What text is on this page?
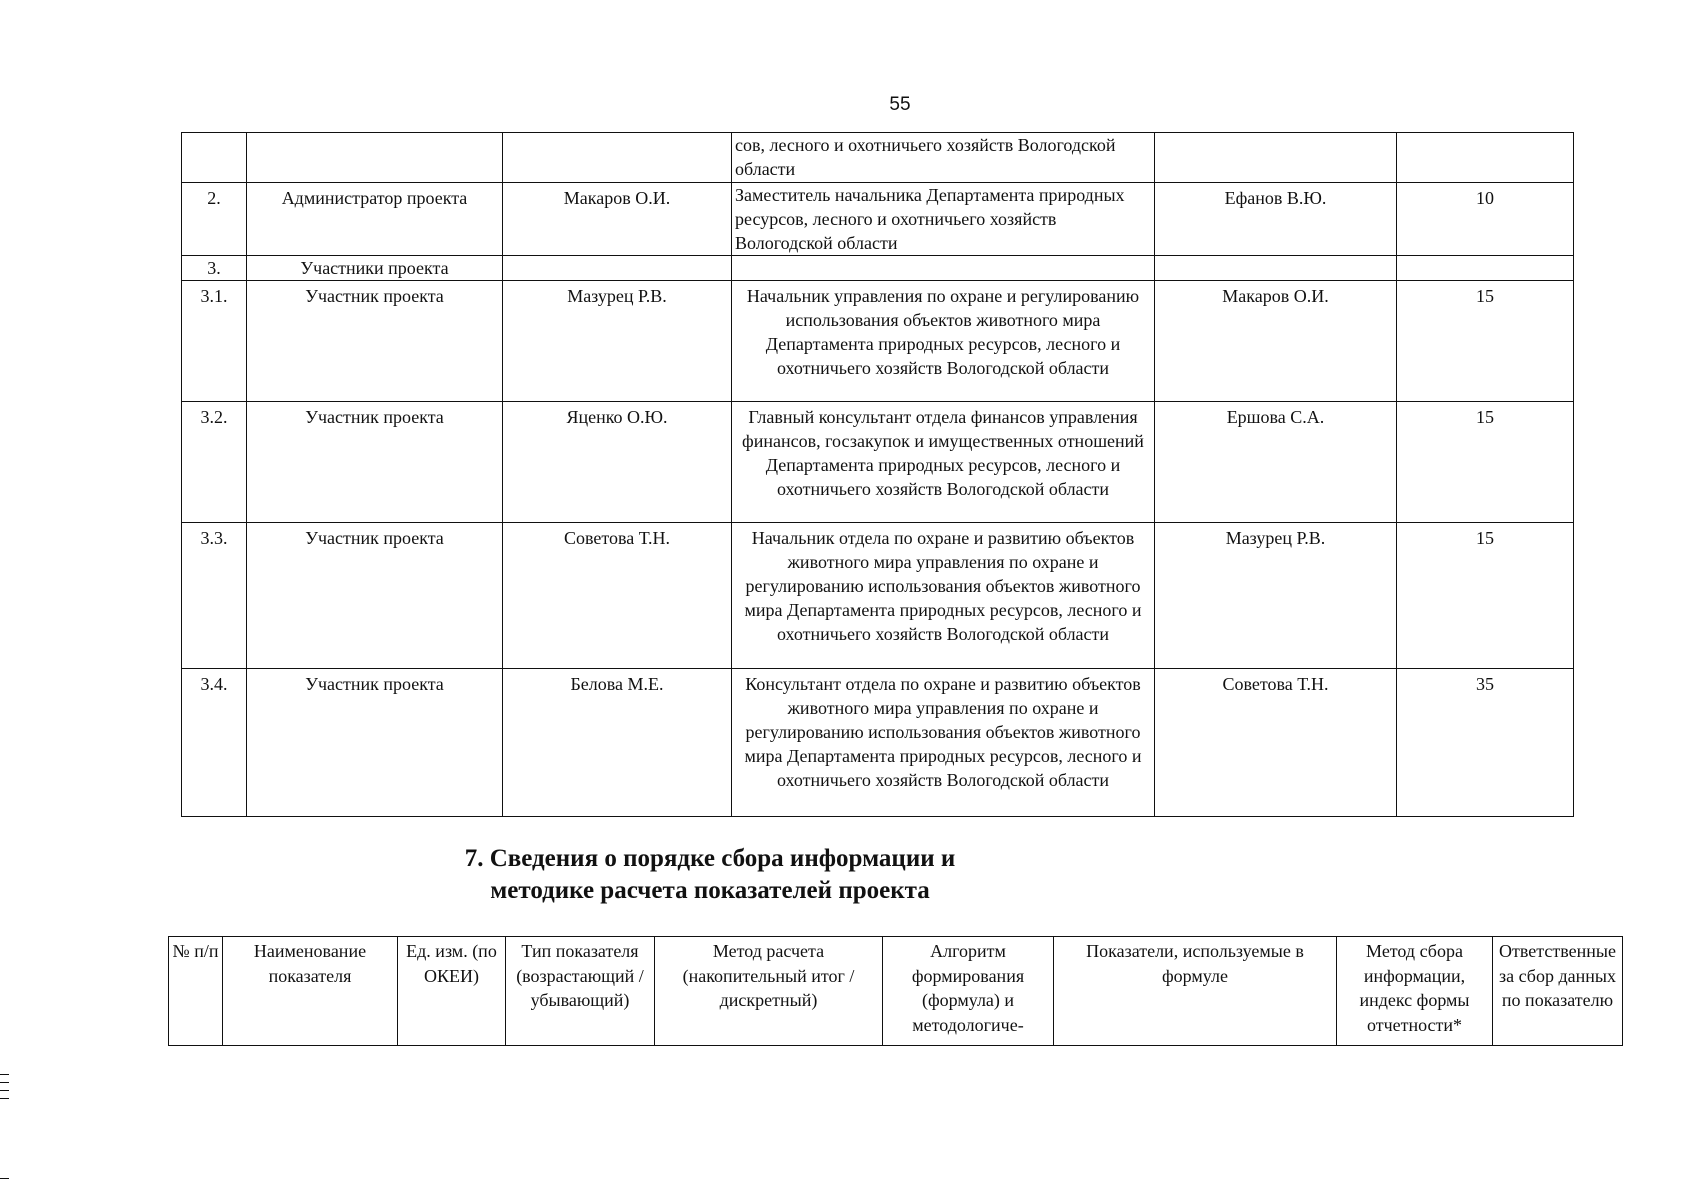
55
			сов, лесного и охотничьего хозяйств Вологодской области		
2.	Администратор проекта	Макаров О.И.	Заместитель начальника Департамента природных ресурсов, лесного и охотничьего хозяйств Вологодской области	Ефанов В.Ю.	10
3.	Участники проекта				
3.1.	Участник проекта	Мазурец Р.В.	Начальник управления по охране и регулированию использования объектов животного мира Департамента природных ресурсов, лесного и охотничьего хозяйств Вологодской области	Макаров О.И.	15
3.2.	Участник проекта	Яценко О.Ю.	Главный консультант отдела финансов управления финансов, госзакупок и имущественных отношений Департамента природных ресурсов, лесного и охотничьего хозяйств Вологодской области	Ершова С.А.	15
3.3.	Участник проекта	Советова Т.Н.	Начальник отдела по охране и развитию объектов животного мира управления по охране и регулированию использования объектов животного мира Департамента природных ресурсов, лесного и охотничьего хозяйств Вологодской области	Мазурец Р.В.	15
3.4.	Участник проекта	Белова М.Е.	Консультант отдела по охране и развитию объектов животного мира управления по охране и регулированию использования объектов животного мира Департамента природных ресурсов, лесного и охотничьего хозяйств Вологодской области	Советова Т.Н.	35
7. Сведения о порядке сбора информации и методике расчета показателей проекта
№ п/п	Наименование показателя	Ед. изм. (по ОКЕИ)	Тип показателя (возрастающий / убывающий)	Метод расчета (накопительный итог / дискретный)	Алгоритм формирования (формула) и методологиче-	Показатели, используемые в формуле	Метод сбора информации, индекс формы отчетности*	Ответственные за сбор данных по показателю
